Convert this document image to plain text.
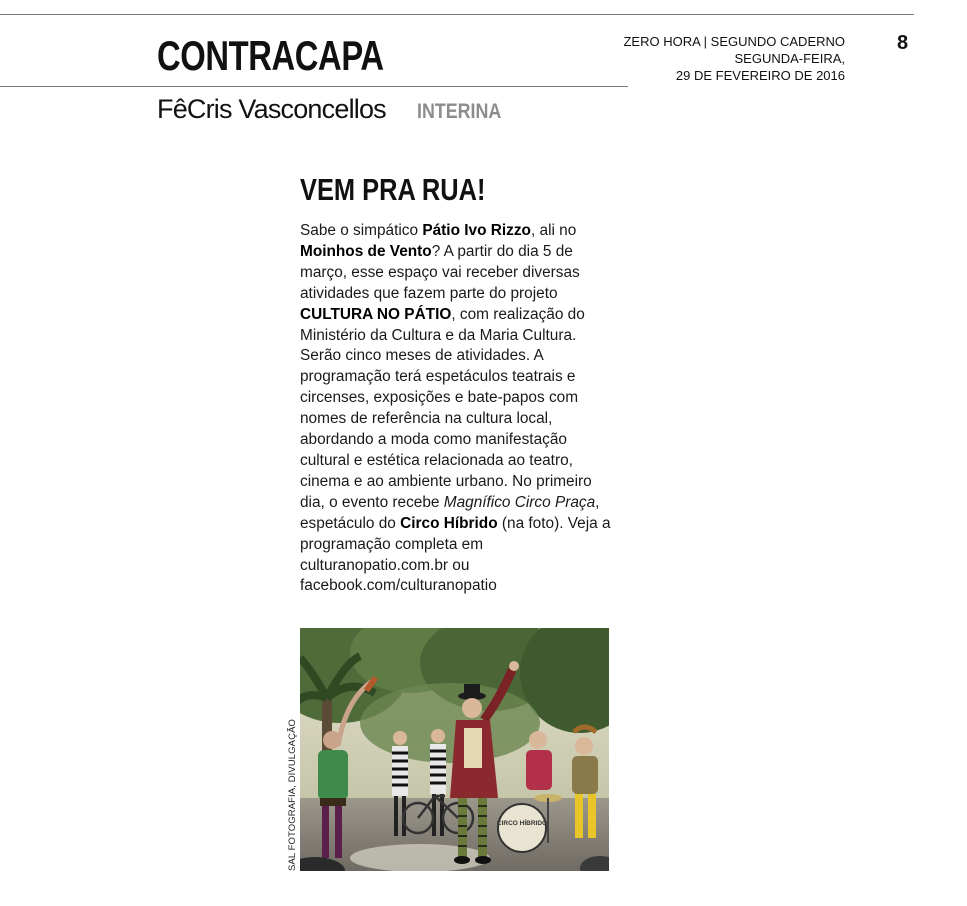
CONTRACAPA	ZERO HORA | SEGUNDO CADERNO
SEGUNDA-FEIRA,
29 DE FEVEREIRO DE 2016
8
FêCris Vasconcellos INTERINA
VEM PRA RUA!

Sabe o simpático Pátio Ivo Rizzo, ali no Moinhos de Vento? A partir do dia 5 de março, esse espaço vai receber diversas atividades que fazem parte do projeto CULTURA NO PÁTIO, com realização do Ministério da Cultura e da Maria Cultura. Serão cinco meses de atividades. A programação terá espetáculos teatrais e circenses, exposições e bate-papos com nomes de referência na cultura local, abordando a moda como manifestação cultural e estética relacionada ao teatro, cinema e ao ambiente urbano. No primeiro dia, o evento recebe Magnífico Circo Praça, espetáculo do Circo Híbrido (na foto). Veja a programação completa em culturanopatio.com.br ou facebook.com/culturanopatio

CIRCO HÍBRIDO
SAL FOTOGRAFIA, DIVULGAÇÃO
